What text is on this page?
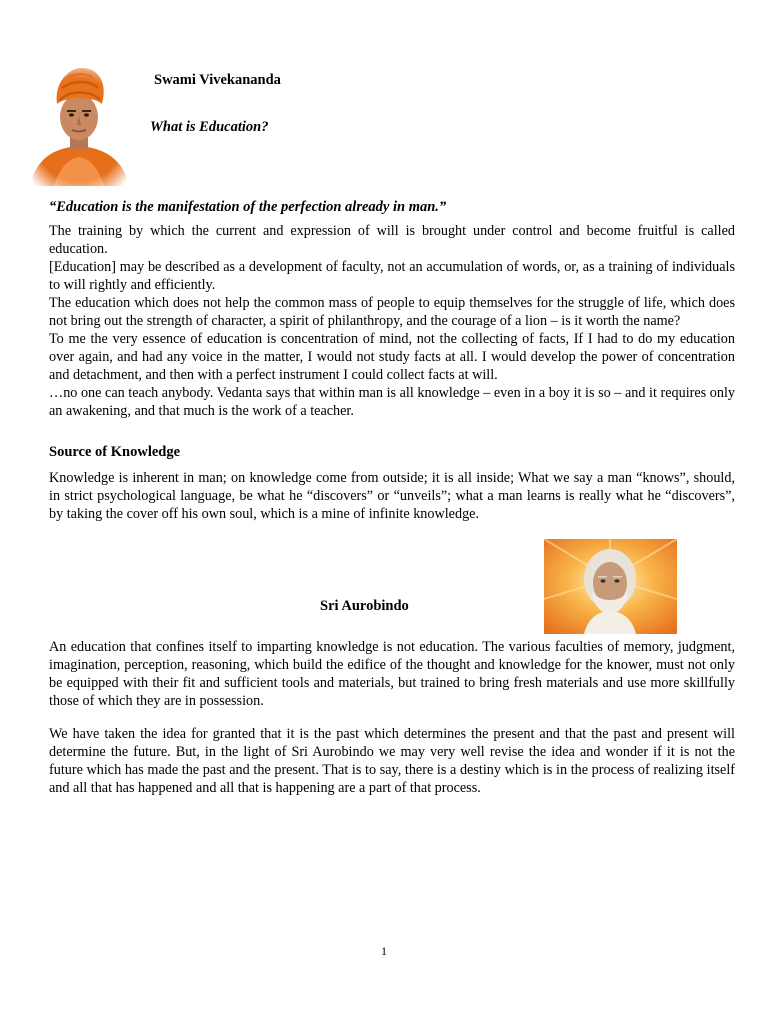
Swami Vivekananda

What is Education?

“Education is the manifestation of the perfection already in man.”

The training by which the current and expression of will is brought under control and become fruitful is called education.

[Education] may be described as a development of faculty, not an accumulation of words, or, as a training of individuals to will rightly and efficiently.

The education which does not help the common mass of people to equip themselves for the struggle of life, which does not bring out the strength of character, a spirit of philanthropy, and the courage of a lion – is it worth the name?

To me the very essence of education is concentration of mind, not the collecting of facts, If I had to do my education over again, and had any voice in the matter, I would not study facts at all. I would develop the power of concentration and detachment, and then with a perfect instrument I could collect facts at will.

…no one can teach anybody. Vedanta says that within man is all knowledge – even in a boy it is so – and it requires only an awakening, and that much is the work of a teacher.

Source of Knowledge

Knowledge is inherent in man; on knowledge come from outside; it is all inside; What we say a man “knows”, should, in strict psychological language, be what he “discovers” or “unveils”; what a man learns is really what he “discovers”, by taking the cover off his own soul, which is a mine of infinite knowledge.

Sri Aurobindo

An education that confines itself to imparting knowledge is not education. The various faculties of memory, judgment, imagination, perception, reasoning, which build the edifice of the thought and knowledge for the knower, must not only be equipped with their fit and sufficient tools and materials, but trained to bring fresh materials and use more skillfully those of which they are in possession.

We have taken the idea for granted that it is the past which determines the present and that the past and present will determine the future. But, in the light of Sri Aurobindo we may very well revise the idea and wonder if it is not the future which has made the past and the present. That is to say, there is a destiny which is in the process of realizing itself and all that has happened and all that is happening are a part of that process.

1
